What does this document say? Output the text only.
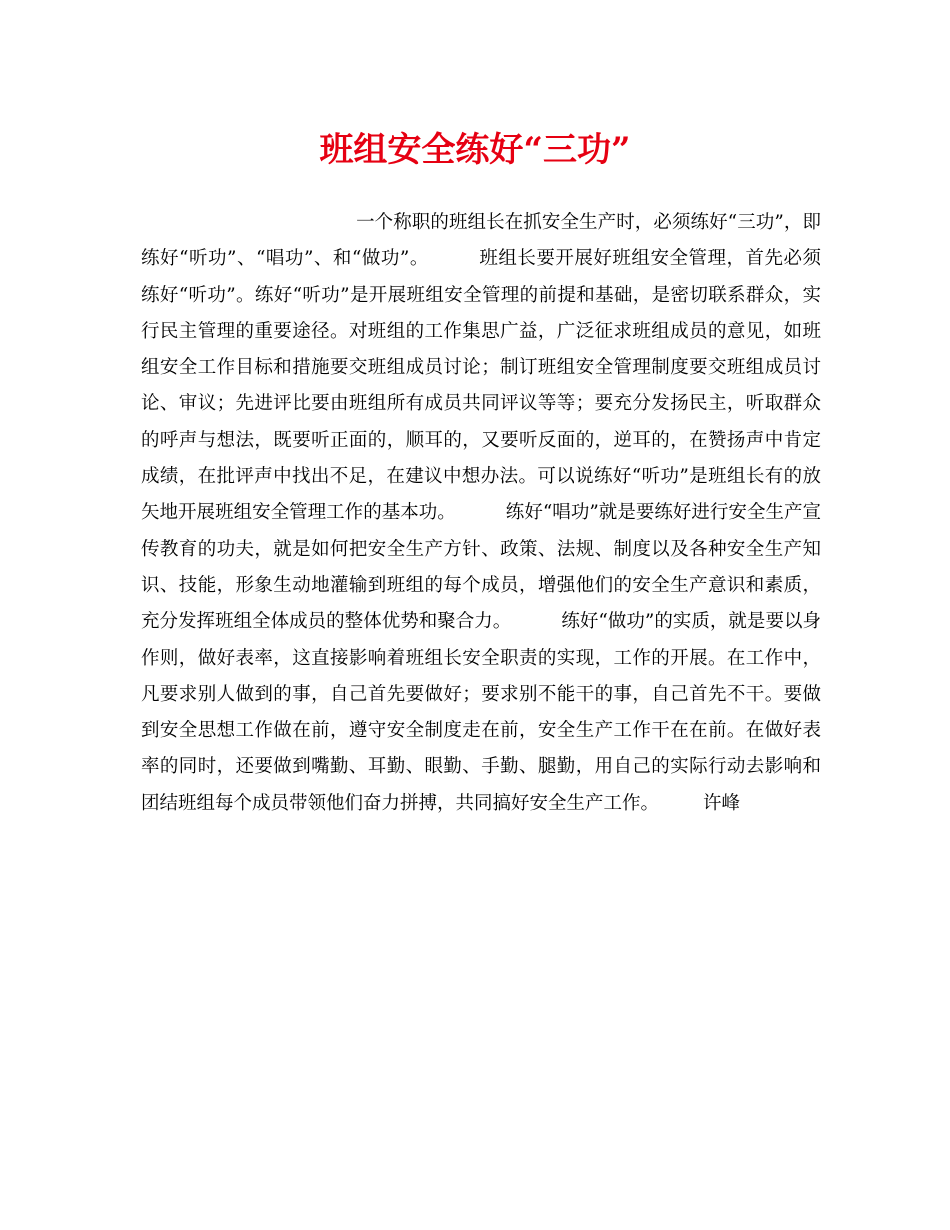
班组安全练好“三功”

一个称职的班组长在抓安全生产时，必须练好“三功”，即练好“听功”、“唱功”、和“做功”。	班组长要开展好班组安全管理，首先必须练好“听功”。练好“听功”是开展班组安全管理的前提和基础，是密切联系群众，实行民主管理的重要途径。对班组的工作集思广益，广泛征求班组成员的意见，如班组安全工作目标和措施要交班组成员讨论；制订班组安全管理制度要交班组成员讨论、审议；先进评比要由班组所有成员共同评议等等；要充分发扬民主，听取群众的呼声与想法，既要听正面的，顺耳的，又要听反面的，逆耳的，在赞扬声中肯定成绩，在批评声中找出不足，在建议中想办法。可以说练好“听功”是班组长有的放矢地开展班组安全管理工作的基本功。	练好“唱功”就是要练好进行安全生产宣传教育的功夫，就是如何把安全生产方针、政策、法规、制度以及各种安全生产知识、技能，形象生动地灌输到班组的每个成员，增强他们的安全生产意识和素质，充分发挥班组全体成员的整体优势和聚合力。	练好“做功”的实质，就是要以身作则，做好表率，这直接影响着班组长安全职责的实现，工作的开展。在工作中，凡要求别人做到的事，自己首先要做好；要求别不能干的事，自己首先不干。要做到安全思想工作做在前，遵守安全制度走在前，安全生产工作干在在前。在做好表率的同时，还要做到嘴勤、耳勤、眼勤、手勤、腿勤，用自己的实际行动去影响和团结班组每个成员带领他们奋力拼搏，共同搞好安全生产工作。 许峰
